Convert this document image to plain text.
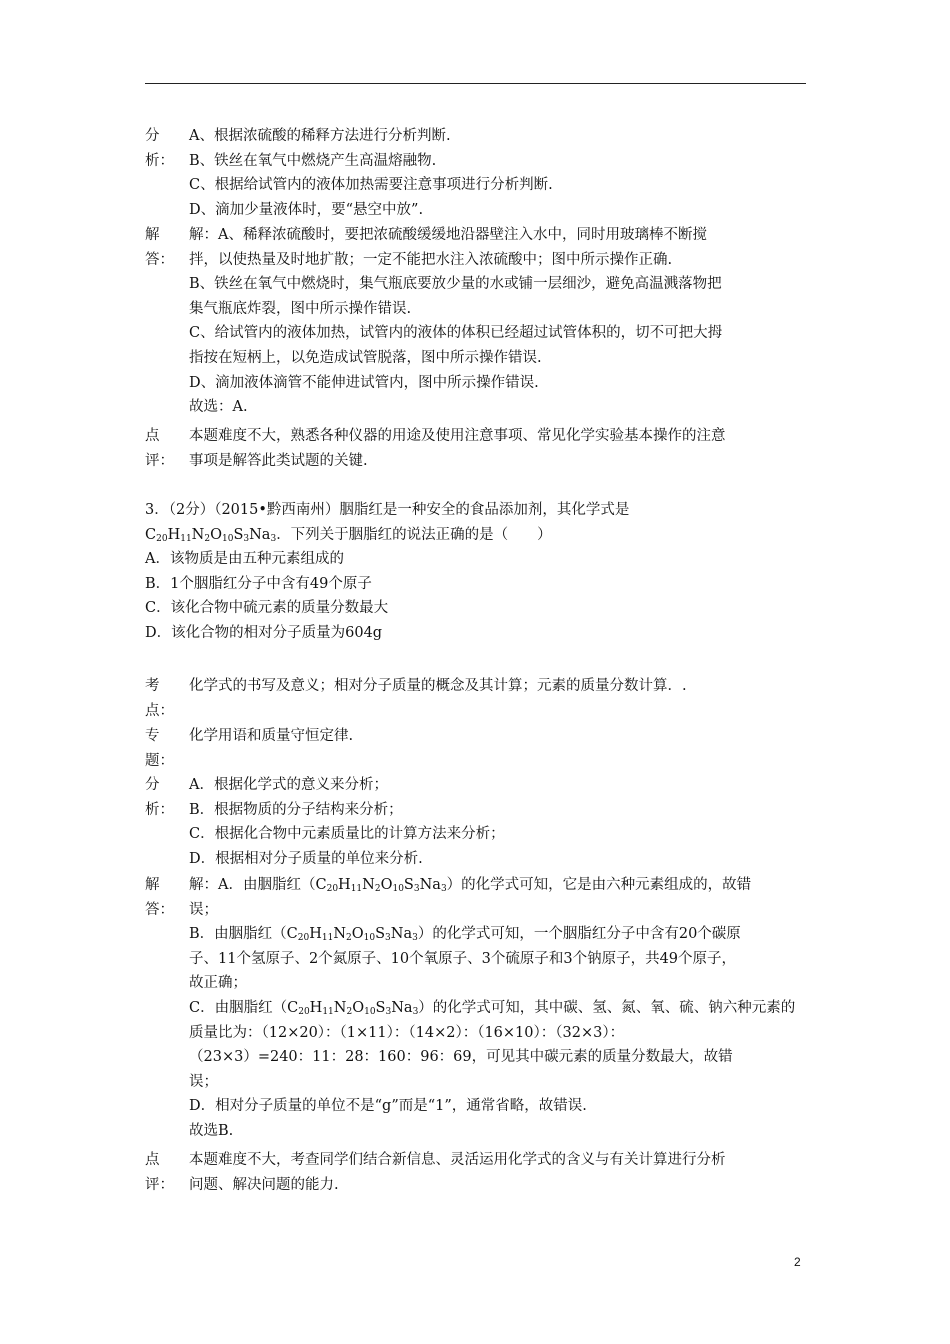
分	A、根据浓硫酸的稀释方法进行分析判断.
析：	B、铁丝在氧气中燃烧产生高温熔融物.
C、根据给试管内的液体加热需要注意事项进行分析判断.
D、滴加少量液体时，要“悬空中放”.
解	解：A、稀释浓硫酸时，要把浓硫酸缓缓地沿器壁注入水中，同时用玻璃棒不断搅
答：	拌，以使热量及时地扩散；一定不能把水注入浓硫酸中；图中所示操作正确.
B、铁丝在氧气中燃烧时，集气瓶底要放少量的水或铺一层细沙，避免高温溅落物把
集气瓶底炸裂，图中所示操作错误.
C、给试管内的液体加热，试管内的液体的体积已经超过试管体积的，切不可把大拇
指按在短柄上，以免造成试管脱落，图中所示操作错误.
D、滴加液体滴管不能伸进试管内，图中所示操作错误.
故选：A.
点	本题难度不大，熟悉各种仪器的用途及使用注意事项、常见化学实验基本操作的注意
评：	事项是解答此类试题的关键.
3．（2分）（2015•黔西南州）胭脂红是一种安全的食品添加剂，其化学式是
$C_{20}H_{11}N_2O_{10}S_3Na_3$．下列关于胭脂红的说法正确的是（　　）
A．该物质是由五种元素组成的
B．1个胭脂红分子中含有49个原子
C．该化合物中硫元素的质量分数最大
D．该化合物的相对分子质量为604g
考	化学式的书写及意义；相对分子质量的概念及其计算；元素的质量分数计算．.
点：
专	化学用语和质量守恒定律.
题：
分	A．根据化学式的意义来分析；
析：	B．根据物质的分子结构来分析；
C．根据化合物中元素质量比的计算方法来分析；
D．根据相对分子质量的单位来分析.
解	解：A．由胭脂红$(C_{20}H_{11}N_2O_{10}S_3Na_3)$的化学式可知，它是由六种元素组成的，故错
答：	误；
B．由胭脂红$(C_{20}H_{11}N_2O_{10}S_3Na_3)$的化学式可知，一个胭脂红分子中含有20个碳原
子、11个氢原子、2个氮原子、10个氧原子、3个硫原子和3个钠原子，共49个原子，
故正确；
C．由胭脂红$(C_{20}H_{11}N_2O_{10}S_3Na_3)$的化学式可知，其中碳、氢、氮、氧、硫、钠六种元素的
质量比为：（12×20）：（1×11）：（14×2）：（16×10）：（32×3）：
（23×3）=240：11：28：160：96：69，可见其中碳元素的质量分数最大，故错
误；
D．相对分子质量的单位不是“g”而是“1”，通常省略，故错误.
故选B.
点	本题难度不大，考查同学们结合新信息、灵活运用化学式的含义与有关计算进行分析
评：	问题、解决问题的能力.
2
